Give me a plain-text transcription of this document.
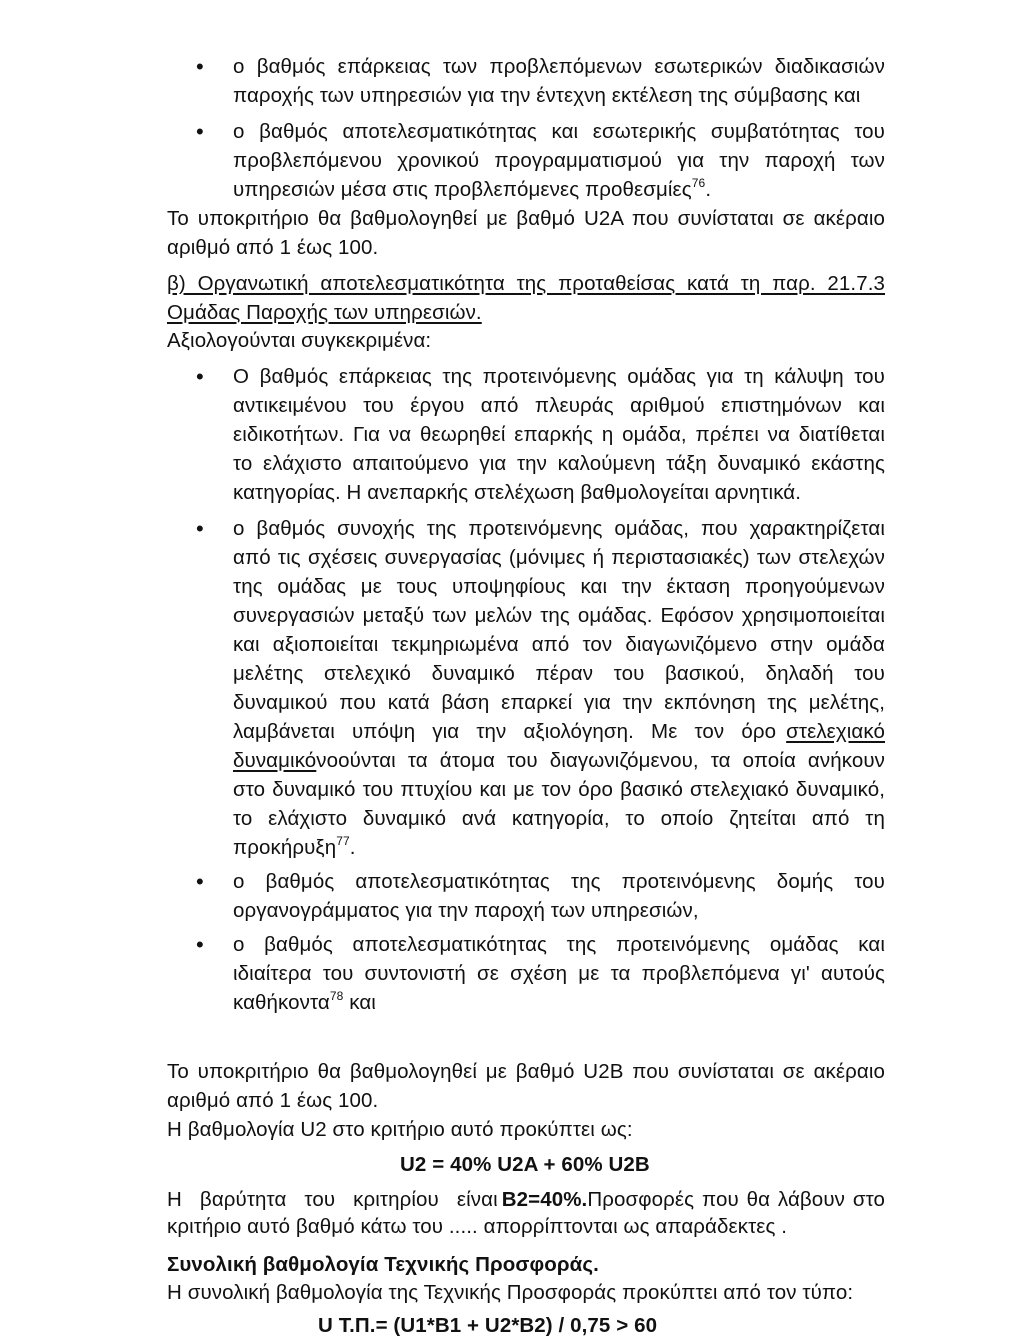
• ο βαθμός επάρκειας των προβλεπόμενων εσωτερικών διαδικασιών
παροχής των υπηρεσιών για την έντεχνη εκτέλεση της σύμβασης και
• ο βαθμός αποτελεσματικότητας και εσωτερικής συμβατότητας του
προβλεπόμενου χρονικού προγραμματισμού για την παροχή των
υπηρεσιών μέσα στις προβλεπόμενες προθεσμίες$^{76}$.
Το υποκριτήριο θα βαθμολογηθεί με βαθμό U2A που συνίσταται σε ακέραιο
αριθμό από 1 έως 100.
β) Οργανωτική αποτελεσματικότητα της προταθείσας κατά τη παρ. 21.7.3
Ομάδας Παροχής των υπηρεσιών.
Αξιολογούνται συγκεκριμένα:
• Ο βαθμός επάρκειας της προτεινόμενης ομάδας για τη κάλυψη του
αντικειμένου του έργου από πλευράς αριθμού επιστημόνων και
ειδικοτήτων. Για να θεωρηθεί επαρκής η ομάδα, πρέπει να διατίθεται
το ελάχιστο απαιτούμενο για την καλούμενη τάξη δυναμικό εκάστης
κατηγορίας. Η ανεπαρκής στελέχωση βαθμολογείται αρνητικά.
• ο βαθμός συνοχής της προτεινόμενης ομάδας, που χαρακτηρίζεται
από τις σχέσεις συνεργασίας (μόνιμες ή περιστασιακές) των στελεχών
της ομάδας με τους υποψηφίους και την έκταση προηγούμενων
συνεργασιών μεταξύ των μελών της ομάδας. Εφόσον χρησιμοποιείται
και αξιοποιείται τεκμηριωμένα από τον διαγωνιζόμενο στην ομάδα
μελέτης στελεχικό δυναμικό πέραν του βασικού, δηλαδή του
δυναμικού που κατά βάση επαρκεί για την εκπόνηση της μελέτης,
λαμβάνεται υπόψη για την αξιολόγηση. Με τον όρο στελεχιακό
δυναμικό νοούνται τα άτομα του διαγωνιζόμενου, τα οποία ανήκουν
στο δυναμικό του πτυχίου και με τον όρο βασικό στελεχιακό δυναμικό,
το ελάχιστο δυναμικό ανά κατηγορία, το οποίο ζητείται από τη
προκήρυξη$^{77}$.
• ο βαθμός αποτελεσματικότητας της προτεινόμενης δομής του
οργανογράμματος για την παροχή των υπηρεσιών,
• ο βαθμός αποτελεσματικότητας της προτεινόμενης ομάδας και
ιδιαίτερα του συντονιστή σε σχέση με τα προβλεπόμενα γι' αυτούς
καθήκοντα$^{78}$ και
Το υποκριτήριο θα βαθμολογηθεί με βαθμό U2B που συνίσταται σε ακέραιο
αριθμό από 1 έως 100.
Η βαθμολογία U2 στο κριτήριο αυτό προκύπτει ως:
U2 = 40% U2A + 60% U2B
Η βαρύτητα του κριτηρίου είναι B2=40%. Προσφορές που θα λάβουν στο
κριτήριο αυτό βαθμό κάτω του ..... απορρίπτονται ως απαράδεκτες .
Συνολική βαθμολογία Τεχνικής Προσφοράς.
Η συνολική βαθμολογία της Τεχνικής Προσφοράς προκύπτει από τον τύπο:
U Τ.Π.= (U1*B1 + U2*B2) / 0,75 > 60
